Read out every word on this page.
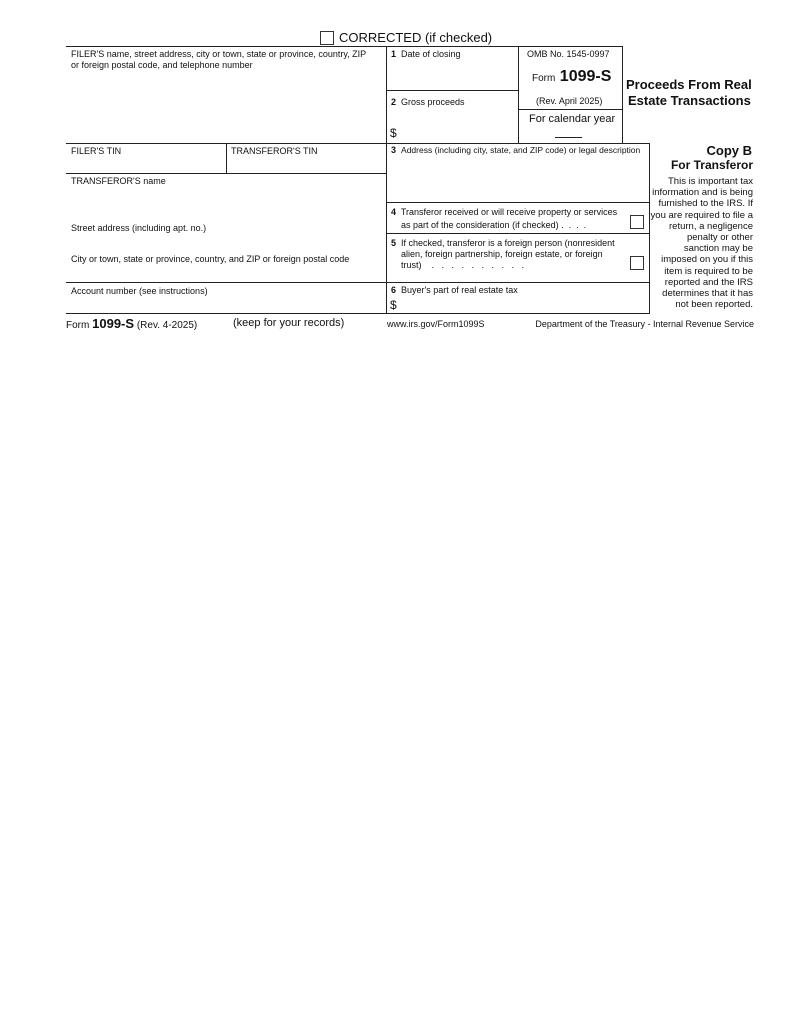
CORRECTED (if checked)
FILER'S name, street address, city or town, state or province, country, ZIP or foreign postal code, and telephone number
FILER'S TIN	TRANSFEROR'S TIN
TRANSFEROR'S name
Street address (including apt. no.)
City or town, state or province, country, and ZIP or foreign postal code
Account number (see instructions)
1 Date of closing
2 Gross proceeds
$
OMB No. 1545-0997
Form 1099-S
(Rev. April 2025)
For calendar year
Proceeds From Real
Estate Transactions
3 Address (including city, state, and ZIP code) or legal description
4 Transferor received or will receive property or services
as part of the consideration (if checked) .  .  .  .
5 If checked, transferor is a foreign person (nonresident
alien, foreign partnership, foreign estate, or foreign
trust)    .   .   .   .   .   .   .   .   .   .
6 Buyer's part of real estate tax
$
Copy B
For Transferor
This is important tax
information and is being
furnished to the IRS. If
you are required to file a
return, a negligence
penalty or other
sanction may be
imposed on you if this
item is required to be
reported and the IRS
determines that it has
not been reported.
Form 1099-S (Rev. 4-2025)	(keep for your records)	www.irs.gov/Form1099S	Department of the Treasury - Internal Revenue Service
